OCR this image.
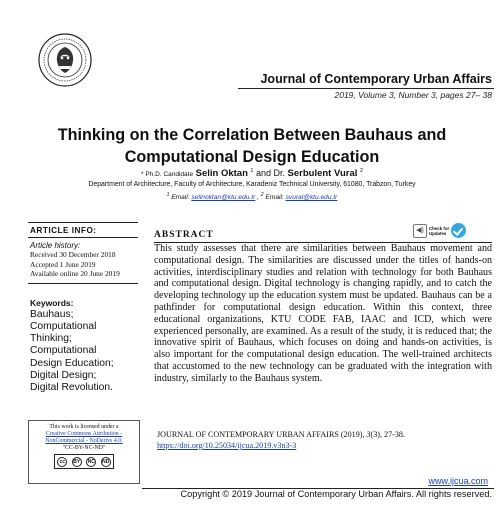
Journal of Contemporary Urban Affairs
2019, Volume 3, Number 3, pages 27– 38
Thinking on the Correlation Between Bauhaus and
Computational Design Education
* Ph.D. Candidate Selin Oktan $^1$ and Dr. Serbulent Vural $^2$
Department of Architecture, Faculty of Architecture, Karadeniz Technical University, 61080, Trabzon, Turkey
$^1$ Email: selinoktan@ktu.edu.tr , $^2$ Email: svural@ktu.edu.tr
ARTICLE INFO:
Article history:
Received 30 December 2018
Accepted 1 June 2019
Available online 20 June 2019
Keywords:
Bauhaus;
Computational
Thinking;
Computational
Design Education;
Digital Design;
Digital Revolution.
This work is licensed under a
Creative Commons Attribution -
NonCommercial - NoDerivs 4.0.
"CC-BY-NC-ND"
cc	BY	NC ND
ABSTRACT	◀)	Check for
Updates
This study assesses that there are similarities between Bauhaus movement and computational design. The similarities are discussed under the titles of hands-on activities, interdisciplinary studies and relation with technology for both Bauhaus and computational design. Digital technology is changing rapidly, and to catch the developing technology up the education system must be updated. Bauhaus can be a pathfinder for computational design education. Within this context, three educational organizations, KTU CODE FAB, IAAC and ICD, which were experienced personally, are examined. As a result of the study, it is reduced that; the innovative spirit of Bauhaus, which focuses on doing and hands-on activities, is also important for the computational design education. The well-trained architects that accustomed to the new technology can be graduated with the integration with industry, similarly to the Bauhaus system.
JOURNAL OF CONTEMPORARY URBAN AFFAIRS (2019), 3(3), 27-38.
https://doi.org/10.25034/ijcua.2019.v3n3-3
www.ijcua.com
Copyright © 2019 Journal of Contemporary Urban Affairs. All rights reserved.
